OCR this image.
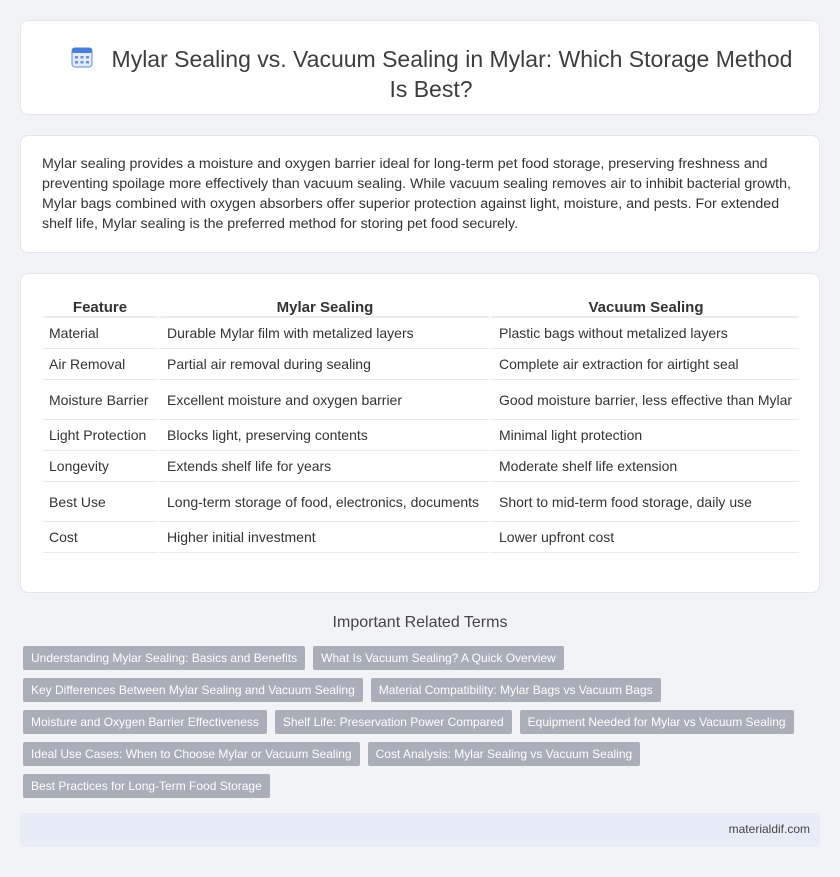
Mylar Sealing vs. Vacuum Sealing in Mylar: Which Storage Method Is Best?

Mylar sealing provides a moisture and oxygen barrier ideal for long-term pet food storage, preserving freshness and preventing spoilage more effectively than vacuum sealing. While vacuum sealing removes air to inhibit bacterial growth, Mylar bags combined with oxygen absorbers offer superior protection against light, moisture, and pests. For extended shelf life, Mylar sealing is the preferred method for storing pet food securely.

Feature	Mylar Sealing	Vacuum Sealing
Material	Durable Mylar film with metalized layers	Plastic bags without metalized layers
Air Removal	Partial air removal during sealing	Complete air extraction for airtight seal
Moisture Barrier	Excellent moisture and oxygen barrier	Good moisture barrier, less effective than Mylar
Light Protection	Blocks light, preserving contents	Minimal light protection
Longevity	Extends shelf life for years	Moderate shelf life extension
Best Use	Long-term storage of food, electronics, documents	Short to mid-term food storage, daily use
Cost	Higher initial investment	Lower upfront cost
Important Related Terms
Understanding Mylar Sealing: Basics and Benefits	What Is Vacuum Sealing? A Quick Overview
Key Differences Between Mylar Sealing and Vacuum Sealing	Material Compatibility: Mylar Bags vs Vacuum Bags
Moisture and Oxygen Barrier Effectiveness	Shelf Life: Preservation Power Compared	Equipment Needed for Mylar vs Vacuum Sealing
Ideal Use Cases: When to Choose Mylar or Vacuum Sealing	Cost Analysis: Mylar Sealing vs Vacuum Sealing
Best Practices for Long-Term Food Storage
materialdif.com
